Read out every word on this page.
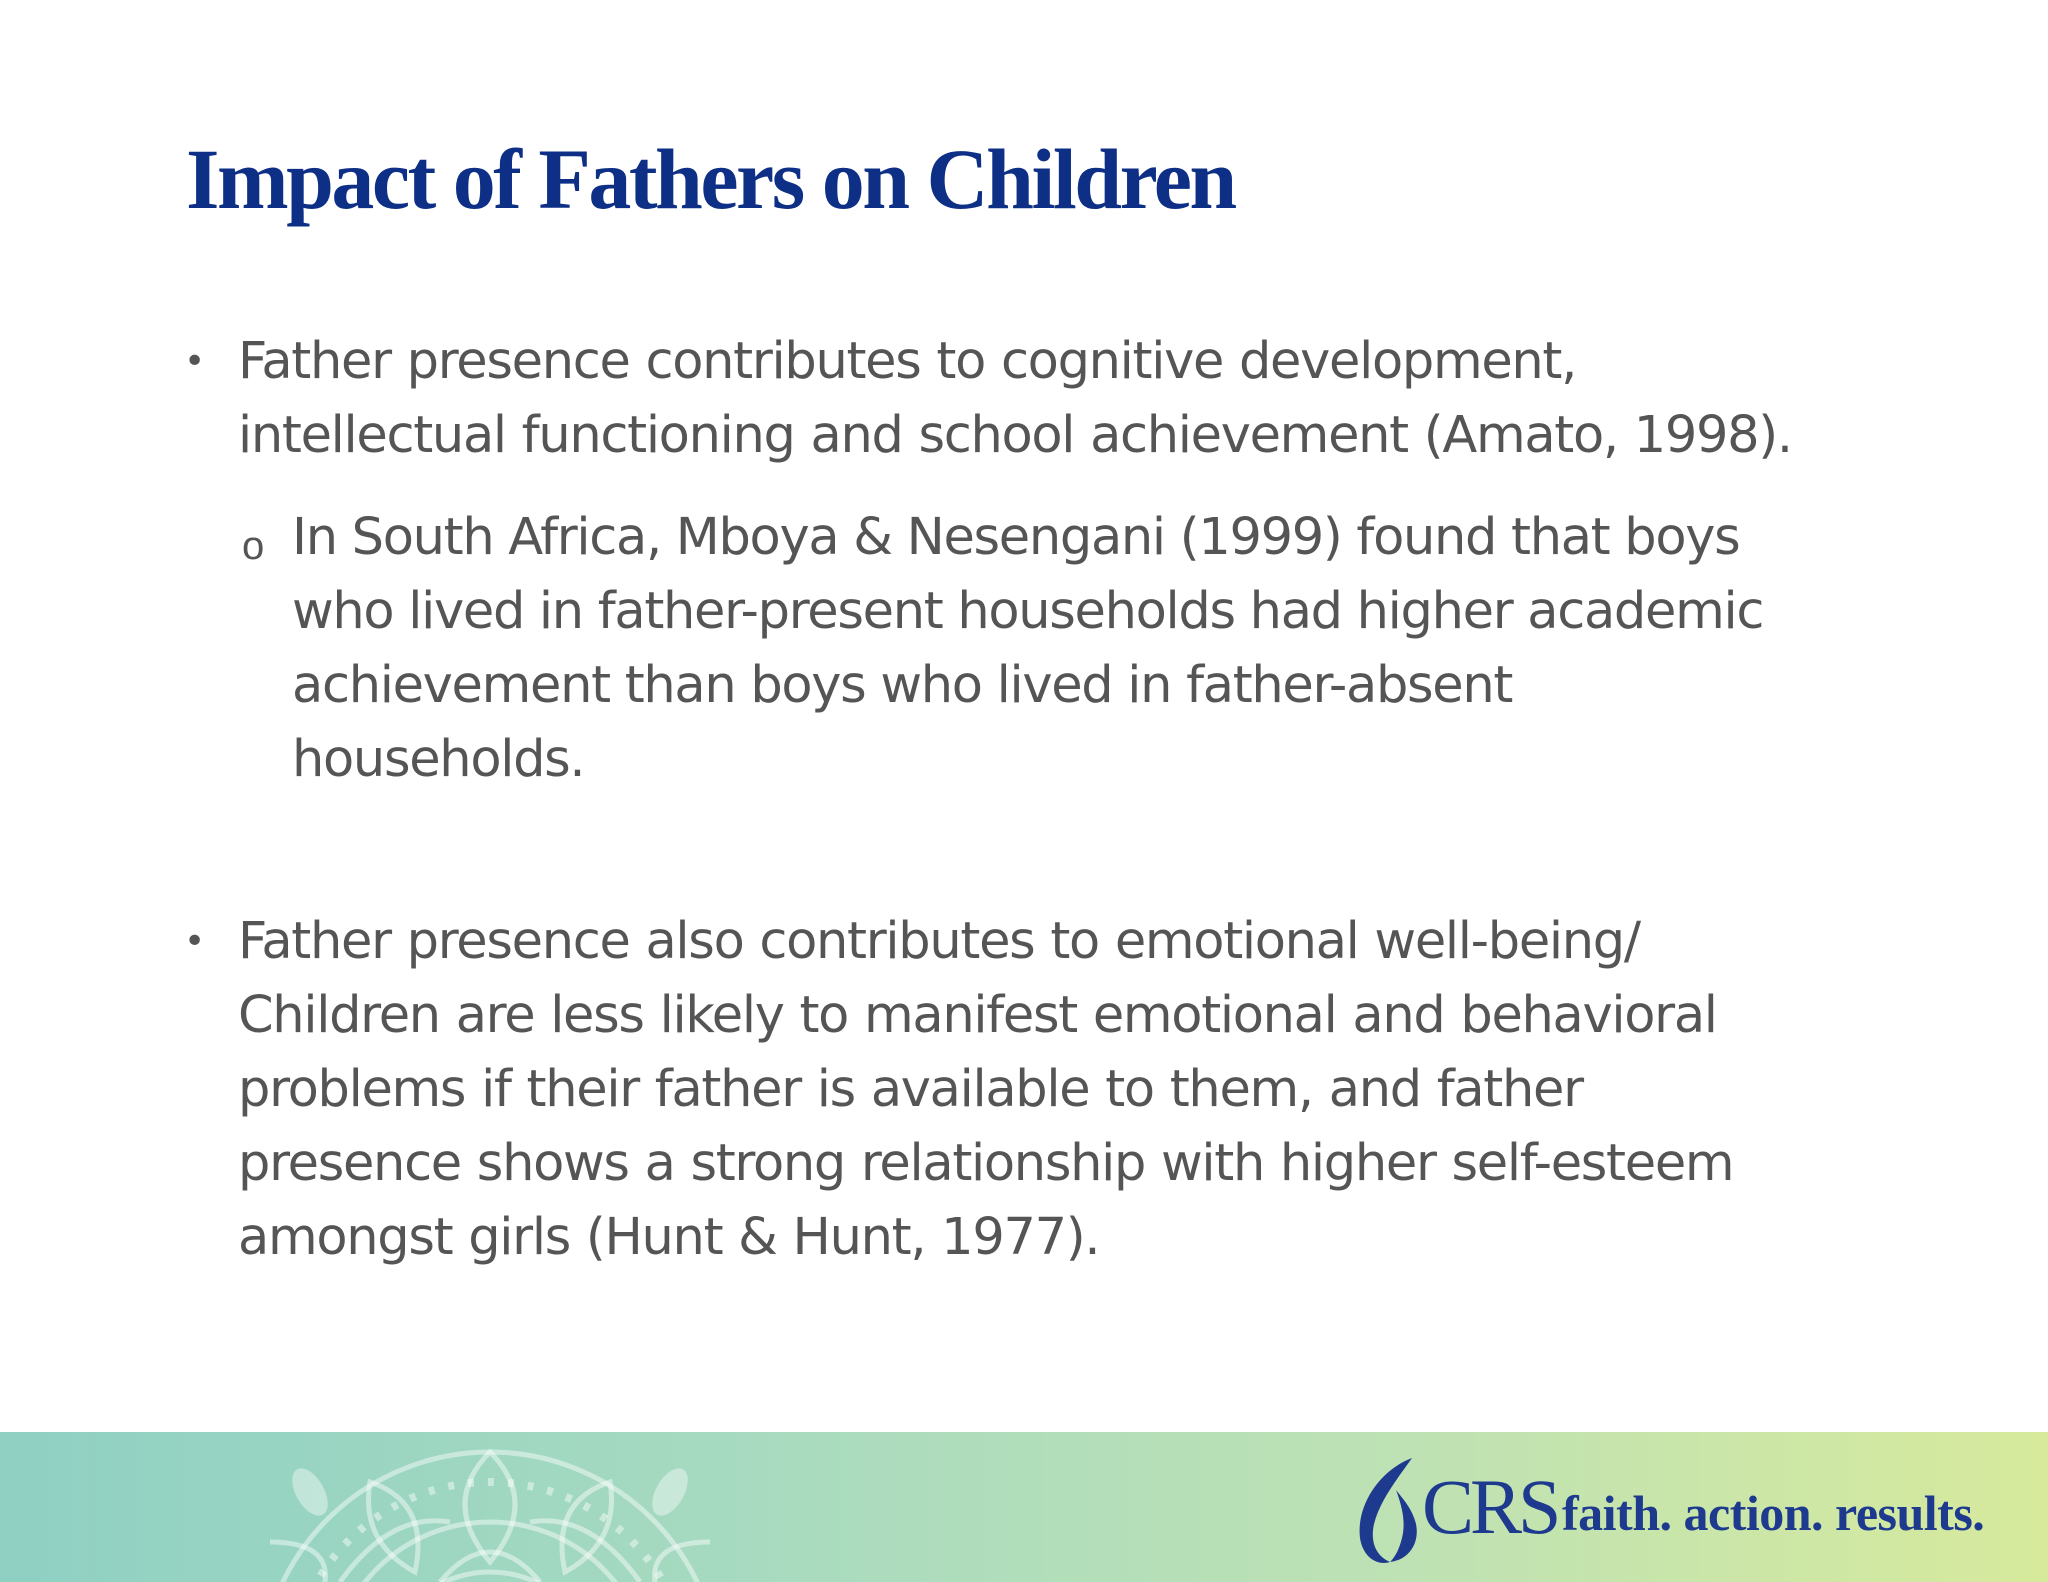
Impact of Fathers on Children
• Father presence contributes to cognitive development,
intellectual functioning and school achievement (Amato, 1998).
o In South Africa, Mboya & Nesengani (1999) found that boys
who lived in father-present households had higher academic
achievement than boys who lived in father-absent
households.
• Father presence also contributes to emotional well-being/
Children are less likely to manifest emotional and behavioral
problems if their father is available to them, and father
presence shows a strong relationship with higher self-esteem
amongst girls (Hunt & Hunt, 1977).
CRS faith. action. results.
